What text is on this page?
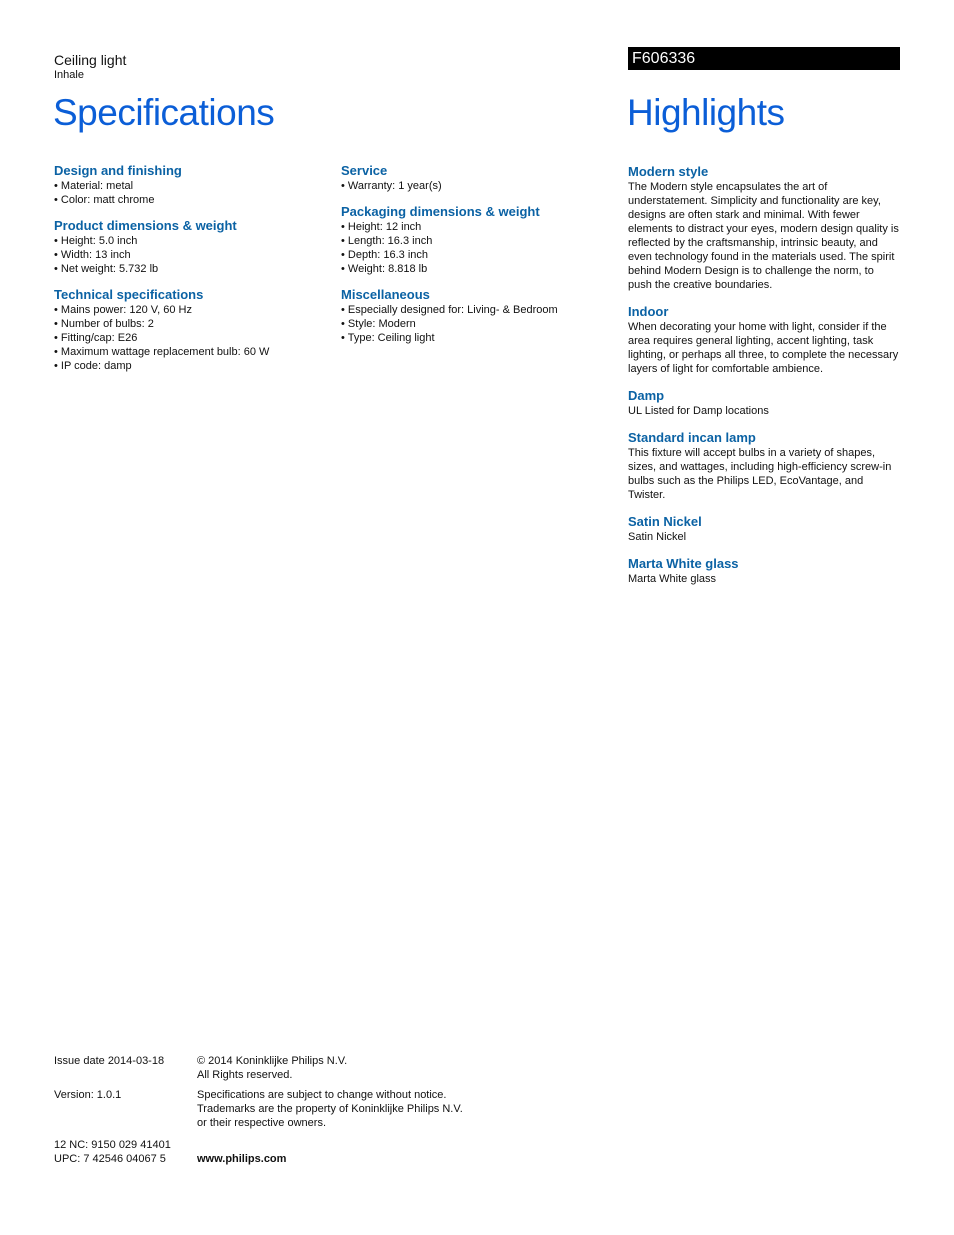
Ceiling light
Inhale
F606336
Specifications	Highlights
Design and finishing
• Material: metal
• Color: matt chrome
Product dimensions & weight
• Height: 5.0 inch
• Width: 13 inch
• Net weight: 5.732 lb
Technical specifications
• Mains power: 120 V, 60 Hz
• Number of bulbs: 2
• Fitting/cap: E26
• Maximum wattage replacement bulb: 60 W
• IP code: damp
Service
• Warranty: 1 year(s)
Packaging dimensions & weight
• Height: 12 inch
• Length: 16.3 inch
• Depth: 16.3 inch
• Weight: 8.818 lb
Miscellaneous
• Especially designed for: Living- & Bedroom
• Style: Modern
• Type: Ceiling light
Modern style

The Modern style encapsulates the art of understatement. Simplicity and functionality are key, designs are often stark and minimal. With fewer elements to distract your eyes, modern design quality is reflected by the craftsmanship, intrinsic beauty, and even technology found in the materials used. The spirit behind Modern Design is to challenge the norm, to push the creative boundaries.

Indoor

When decorating your home with light, consider if the area requires general lighting, accent lighting, task lighting, or perhaps all three, to complete the necessary layers of light for comfortable ambience.

Damp

UL Listed for Damp locations

Standard incan lamp

This fixture will accept bulbs in a variety of shapes, sizes, and wattages, including high-efficiency screw-in bulbs such as the Philips LED, EcoVantage, and Twister.

Satin Nickel

Satin Nickel

Marta White glass

Marta White glass

Issue date 2014-03-18	© 2014 Koninklijke Philips N.V.
All Rights reserved.
Version: 1.0.1	Specifications are subject to change without notice.
Trademarks are the property of Koninklijke Philips N.V.
or their respective owners.
12 NC: 9150 029 41401
UPC: 7 42546 04067 5	www.philips.com
